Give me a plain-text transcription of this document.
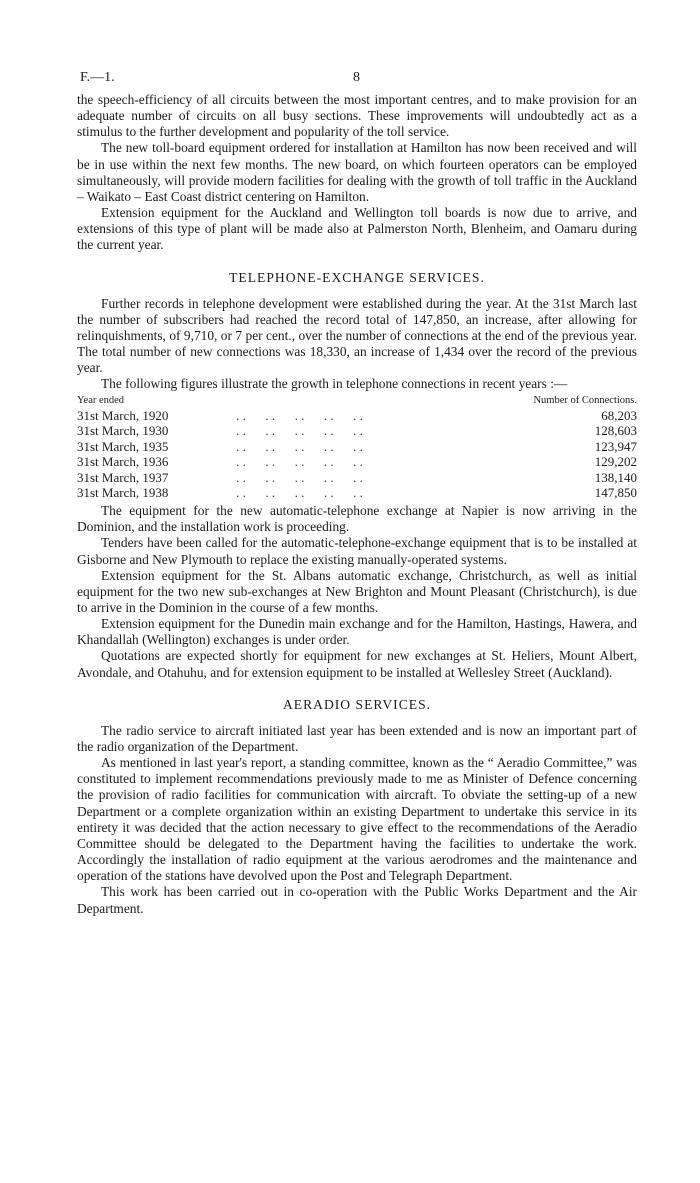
F.—1.	8

the speech-efficiency of all circuits between the most important centres, and to make provision for an adequate number of circuits on all busy sections. These improvements will undoubtedly act as a stimulus to the further development and popularity of the toll service.

The new toll-board equipment ordered for installation at Hamilton has now been received and will be in use within the next few months. The new board, on which fourteen operators can be employed simultaneously, will provide modern facilities for dealing with the growth of toll traffic in the Auckland – Waikato – East Coast district centering on Hamilton.

Extension equipment for the Auckland and Wellington toll boards is now due to arrive, and extensions of this type of plant will be made also at Palmerston North, Blenheim, and Oamaru during the current year.

TELEPHONE-EXCHANGE SERVICES.

Further records in telephone development were established during the year. At the 31st March last the number of subscribers had reached the record total of 147,850, an increase, after allowing for relinquishments, of 9,710, or 7 per cent., over the number of connections at the end of the previous year. The total number of new connections was 18,330, an increase of 1,434 over the record of the previous year.

The following figures illustrate the growth in telephone connections in recent years :—

Year ended		Number of Connections.
31st March, 1920	. .      . .      . .      . .      . .	68,203
31st March, 1930	. .      . .      . .      . .      . .	128,603
31st March, 1935	. .      . .      . .      . .      . .	123,947
31st March, 1936	. .      . .      . .      . .      . .	129,202
31st March, 1937	. .      . .      . .      . .      . .	138,140
31st March, 1938	. .      . .      . .      . .      . .	147,850

The equipment for the new automatic-telephone exchange at Napier is now arriving in the Dominion, and the installation work is proceeding.

Tenders have been called for the automatic-telephone-exchange equipment that is to be installed at Gisborne and New Plymouth to replace the existing manually-operated systems.

Extension equipment for the St. Albans automatic exchange, Christchurch, as well as initial equipment for the two new sub-exchanges at New Brighton and Mount Pleasant (Christchurch), is due to arrive in the Dominion in the course of a few months.

Extension equipment for the Dunedin main exchange and for the Hamilton, Hastings, Hawera, and Khandallah (Wellington) exchanges is under order.

Quotations are expected shortly for equipment for new exchanges at St. Heliers, Mount Albert, Avondale, and Otahuhu, and for extension equipment to be installed at Wellesley Street (Auckland).

AERADIO SERVICES.

The radio service to aircraft initiated last year has been extended and is now an important part of the radio organization of the Department.

As mentioned in last year's report, a standing committee, known as the “ Aeradio Committee,” was constituted to implement recommendations previously made to me as Minister of Defence concerning the provision of radio facilities for communication with aircraft. To obviate the setting-up of a new Department or a complete organization within an existing Department to undertake this service in its entirety it was decided that the action necessary to give effect to the recommendations of the Aeradio Committee should be delegated to the Department having the facilities to undertake the work. Accordingly the installation of radio equipment at the various aerodromes and the maintenance and operation of the stations have devolved upon the Post and Telegraph Department.

This work has been carried out in co-operation with the Public Works Department and the Air Department.
